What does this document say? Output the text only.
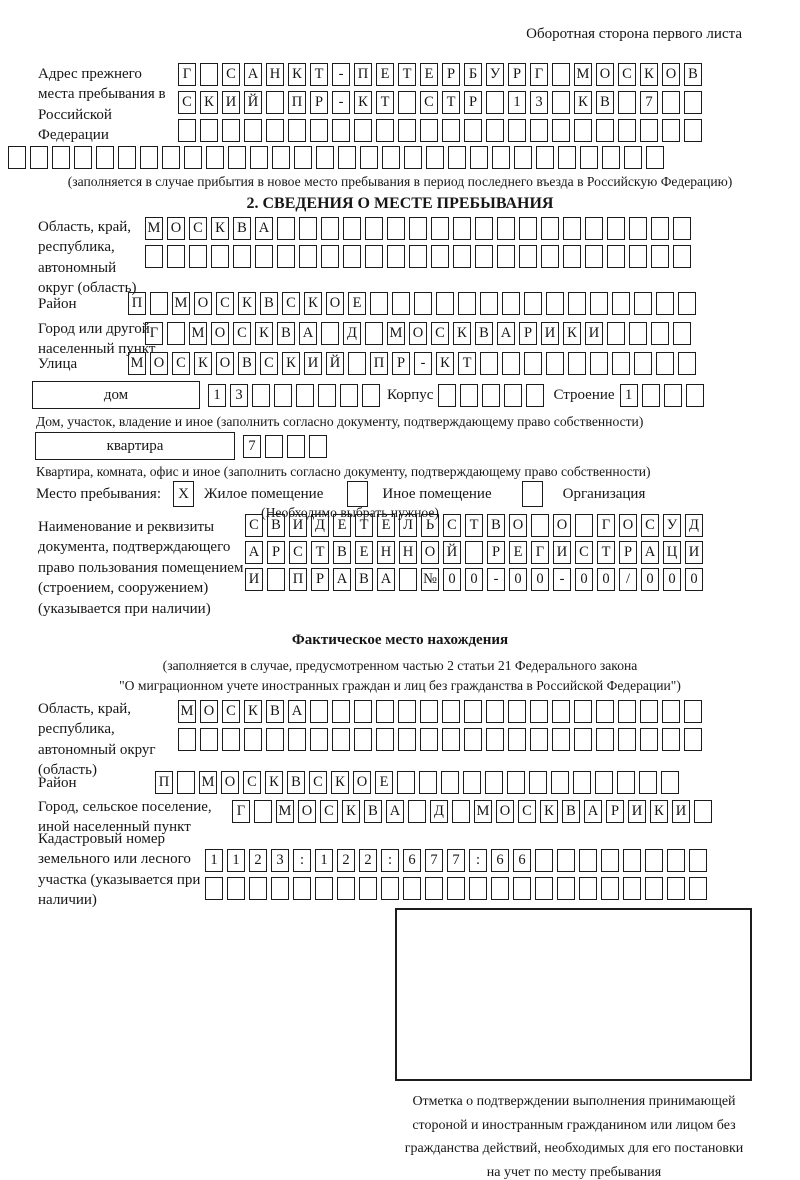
Оборотная сторона первого листа
Адрес прежнего места пребывания в Российской Федерации
Г	С А Н К Т	- П Е Т Е Р Б У Р Г	М О С К О В
С К И Й П Р	-	К Т	С Т Р	1	3	К В	7
(заполняется в случае прибытия в новое место пребывания в период последнего въезда в Российскую Федерацию)
2. СВЕДЕНИЯ О МЕСТЕ ПРЕБЫВАНИЯ
Область, край, республика, автономный округ (область)
М О С К В А
Район	П М О С К В С К О Е
Город или другой населенный пункт
Г	М О С К В А Д М О С К В А Р И К И
Улица	М О С К О В С К И Й П Р	-	К Т
дом	1	3	Корпус	Строение 1
Дом, участок, владение и иное (заполнить согласно документу, подтверждающему право собственности)
квартира	7
Квартира, комната, офис и иное (заполнить согласно документу, подтверждающему право собственности)
Место пребывания:	X	Жилое помещение	Иное помещение	Организация
(Необходимо выбрать нужное)
Наименование и реквизиты документа, подтверждающего право пользования помещением (строением, сооружением) (указывается при наличии)
С В И Д Е Т Е Л Ь С Т В О О	Г О С У Д
А Р С Т В Е Н Н О Й	Р Е Г И С Т Р А Ц И
И П Р А В А № 0	0	-	0	0	-	0	0	/	0	0	0
Фактическое место нахождения
(заполняется в случае, предусмотренном частью 2 статьи 21 Федерального закона
"О миграционном учете иностранных граждан и лиц без гражданства в Российской Федерации")
Область, край, республика, автономный округ (область)
М О С К В А
Район	П М О С К В С К О Е
Город, сельское поселение, иной населенный пункт
Г	М О С К В А Д М О С К В А Р И К И
Кадастровый номер земельного или лесного участка (указывается при наличии)
1	1	2	3	:	1	2	2	:	6	7	7	:	6	6
Отметка о подтверждении выполнения принимающей
стороной и иностранным гражданином или лицом без
гражданства действий, необходимых для его постановки
на учет по месту пребывания
